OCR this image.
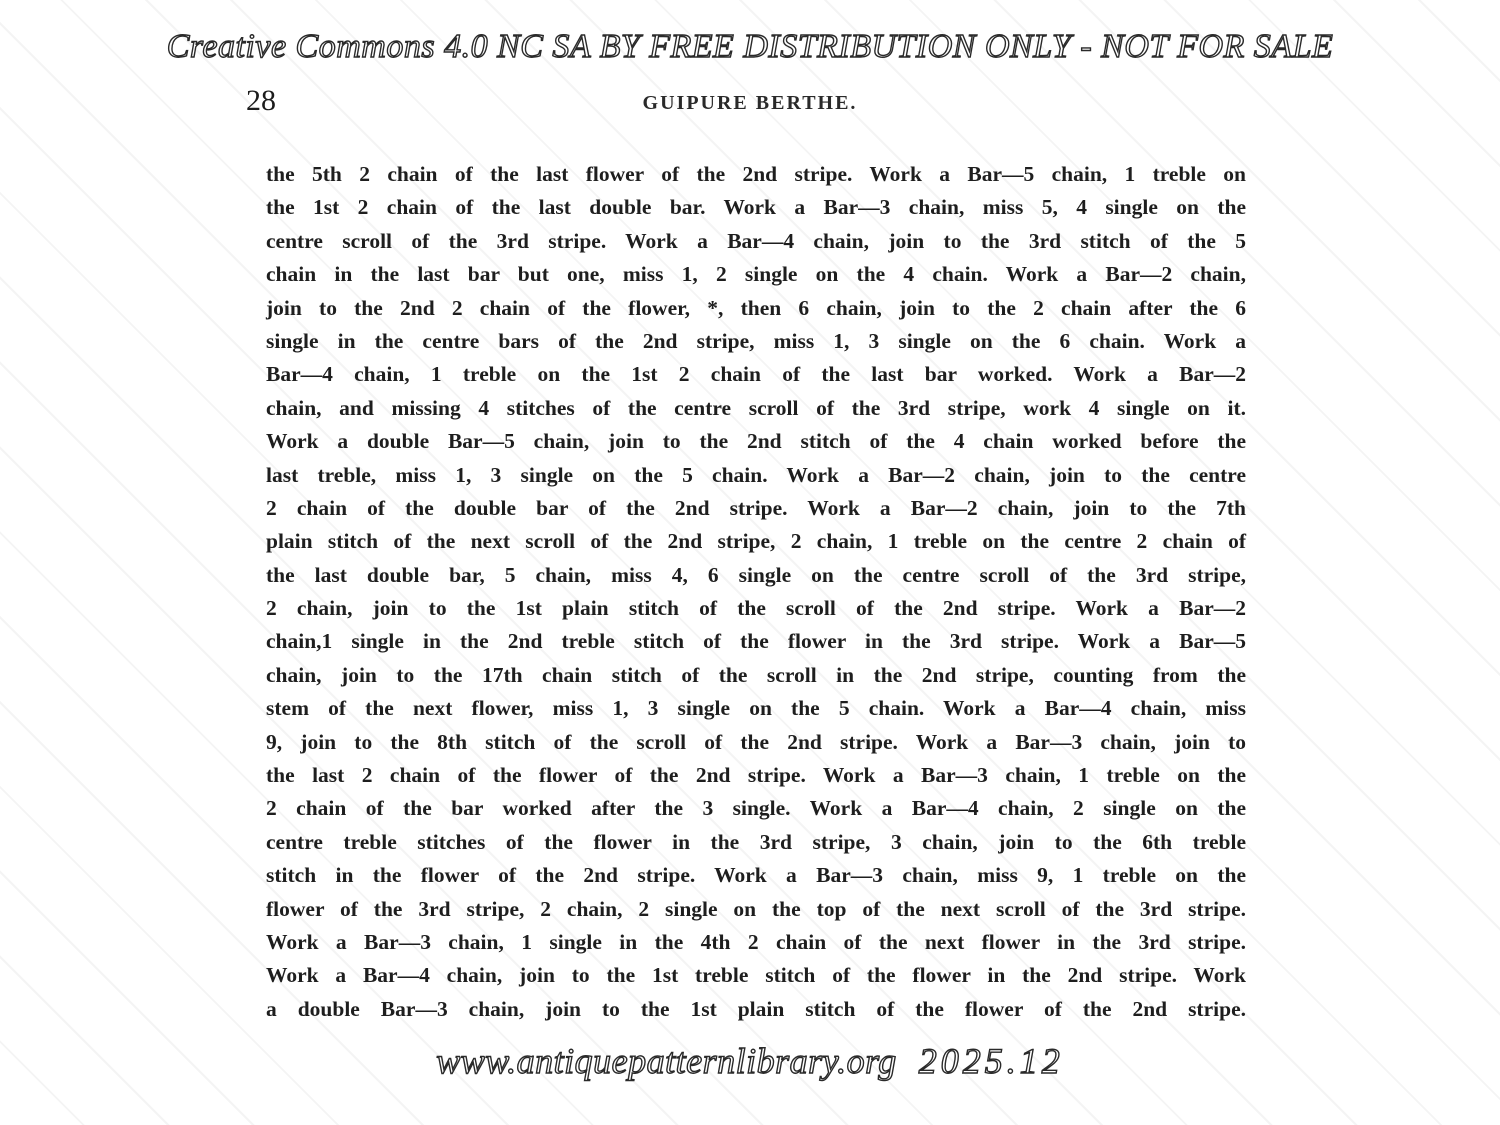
Creative Commons 4.0 NC SA BY FREE DISTRIBUTION ONLY - NOT FOR SALE
28	GUIPURE BERTHE.
the 5th 2 chain of the last flower of the 2nd stripe. Work a Bar—5 chain, 1 treble on
the 1st 2 chain of the last double bar. Work a Bar—3 chain, miss 5, 4 single on the
centre scroll of the 3rd stripe. Work a Bar—4 chain, join to the 3rd stitch of the 5
chain in the last bar but one, miss 1, 2 single on the 4 chain. Work a Bar—2 chain,
join to the 2nd 2 chain of the flower, *, then 6 chain, join to the 2 chain after the 6
single in the centre bars of the 2nd stripe, miss 1, 3 single on the 6 chain. Work a
Bar—4 chain, 1 treble on the 1st 2 chain of the last bar worked. Work a Bar—2
chain, and missing 4 stitches of the centre scroll of the 3rd stripe, work 4 single on it.
Work a double Bar—5 chain, join to the 2nd stitch of the 4 chain worked before the
last treble, miss 1, 3 single on the 5 chain. Work a Bar—2 chain, join to the centre
2 chain of the double bar of the 2nd stripe. Work a Bar—2 chain, join to the 7th
plain stitch of the next scroll of the 2nd stripe, 2 chain, 1 treble on the centre 2 chain of
the last double bar, 5 chain, miss 4, 6 single on the centre scroll of the 3rd stripe,
2 chain, join to the 1st plain stitch of the scroll of the 2nd stripe. Work a Bar—2
chain,1 single in the 2nd treble stitch of the flower in the 3rd stripe. Work a Bar—5
chain, join to the 17th chain stitch of the scroll in the 2nd stripe, counting from the
stem of the next flower, miss 1, 3 single on the 5 chain. Work a Bar—4 chain, miss
9, join to the 8th stitch of the scroll of the 2nd stripe. Work a Bar—3 chain, join to
the last 2 chain of the flower of the 2nd stripe. Work a Bar—3 chain, 1 treble on the
2 chain of the bar worked after the 3 single. Work a Bar—4 chain, 2 single on the
centre treble stitches of the flower in the 3rd stripe, 3 chain, join to the 6th treble
stitch in the flower of the 2nd stripe. Work a Bar—3 chain, miss 9, 1 treble on the
flower of the 3rd stripe, 2 chain, 2 single on the top of the next scroll of the 3rd stripe.
Work a Bar—3 chain, 1 single in the 4th 2 chain of the next flower in the 3rd stripe.
Work a Bar—4 chain, join to the 1st treble stitch of the flower in the 2nd stripe. Work
a double Bar—3 chain, join to the 1st plain stitch of the flower of the 2nd stripe.
www.antiquepatternlibrary.org 2025.12
